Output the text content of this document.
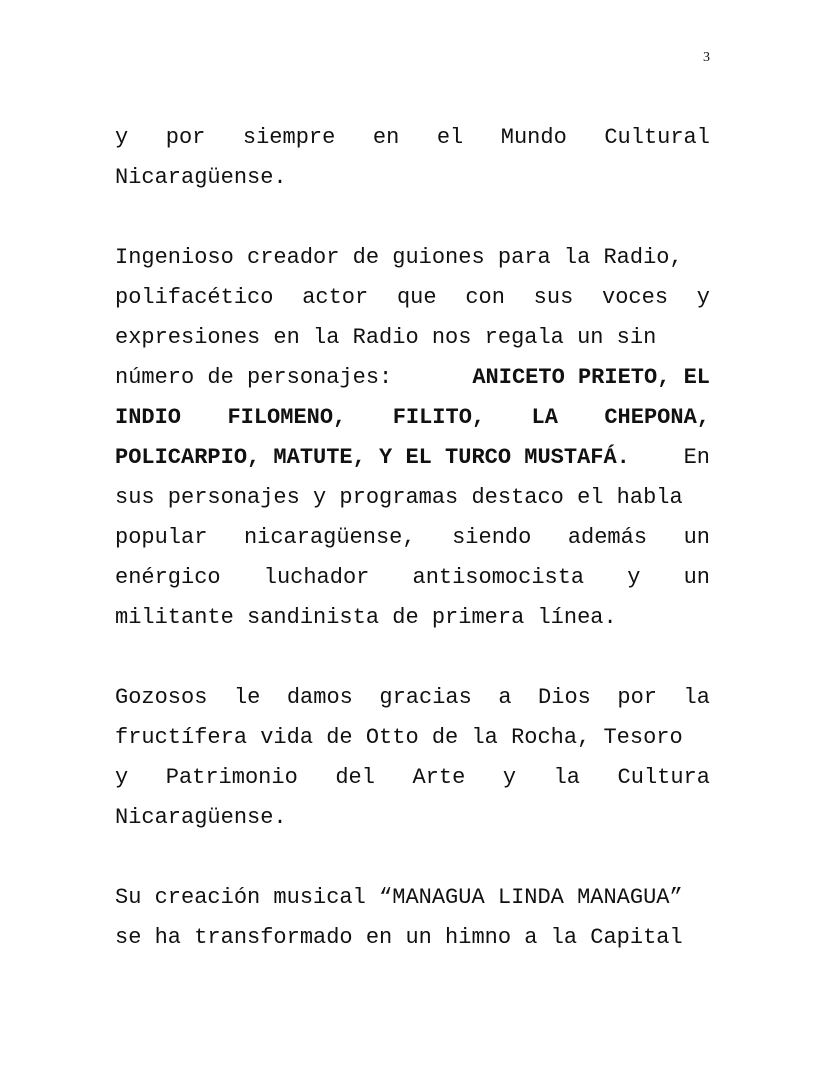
3
y por siempre en el Mundo Cultural
Nicaragüense.
Ingenioso creador de guiones para la Radio,
polifacético actor que con sus voces y
expresiones en la Radio nos regala un sin
número de personajes:	ANICETO PRIETO, EL
INDIO FILOMENO, FILITO, LA CHEPONA,
POLICARPIO, MATUTE, Y EL TURCO MUSTAFÁ. En
sus personajes y programas destaco el habla
popular nicaragüense, siendo además un
enérgico luchador antisomocista y un
militante sandinista de primera línea.
Gozosos le damos gracias a Dios por la
fructífera vida de Otto de la Rocha, Tesoro
y Patrimonio del Arte y la Cultura
Nicaragüense.
Su creación musical “MANAGUA LINDA MANAGUA”
se ha transformado en un himno a la Capital
